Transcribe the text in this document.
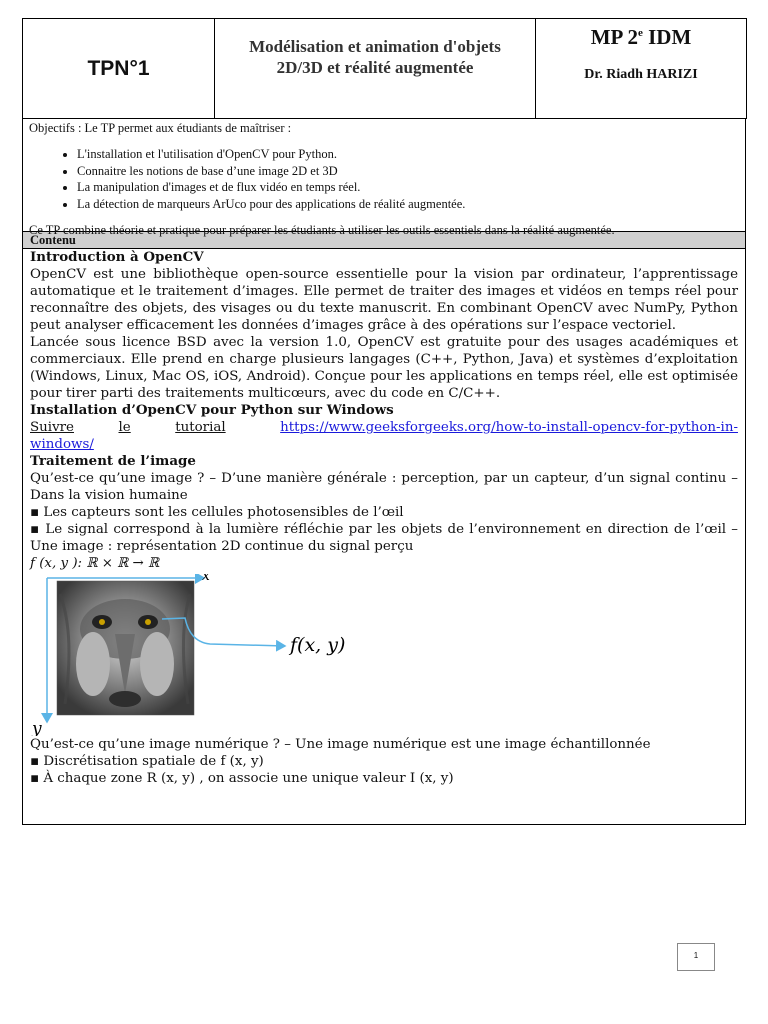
TPN°1	
Modélisation et animation d'objets
2D/3D et réalité augmentée

MP 2e IDM
Dr. Riadh HARIZI
Objectifs : Le TP permet aux étudiants de maîtriser :
• L'installation et l'utilisation d'OpenCV pour Python.
• Connaitre les notions de base d’une image 2D et 3D
• La manipulation d'images et de flux vidéo en temps réel.
• La détection de marqueurs ArUco pour des applications de réalité augmentée.
Ce TP combine théorie et pratique pour préparer les étudiants à utiliser les outils essentiels dans la réalité augmentée.
Contenu

Introduction à OpenCV

OpenCV est une bibliothèque open-source essentielle pour la vision par ordinateur, l’apprentissage automatique et le traitement d’images. Elle permet de traiter des images et vidéos en temps réel pour reconnaître des objets, des visages ou du texte manuscrit. En combinant OpenCV avec NumPy, Python peut analyser efficacement les données d’images grâce à des opérations sur l’espace vectoriel.

Lancée sous licence BSD avec la version 1.0, OpenCV est gratuite pour des usages académiques et commerciaux. Elle prend en charge plusieurs langages (C++, Python, Java) et systèmes d’exploitation (Windows, Linux, Mac OS, iOS, Android). Conçue pour les applications en temps réel, elle est optimisée pour tirer parti des traitements multicœurs, avec du code en C/C++.

Installation d’OpenCV pour Python sur Windows

Suivre	le	tutorial	https://www.geeksforgeeks.org/how-to-install-opencv-for-python-in-

windows/

Traitement de l’image

Qu’est-ce qu’une image ? – D’une manière générale : perception, par un capteur, d’un signal continu – Dans la vision humaine

▪ Les capteurs sont les cellules photosensibles de l’œil

▪ Le signal correspond à la lumière réfléchie par les objets de l’environnement en direction de l’œil – Une image : représentation 2D continue du signal perçu

f (x, y ): ℝ × ℝ → ℝ

x
y
f(x, y)

Qu’est-ce qu’une image numérique ? – Une image numérique est une image échantillonnée

▪ Discrétisation spatiale de f (x, y)

▪ À chaque zone R (x, y) , on associe une unique valeur I (x, y)

1
